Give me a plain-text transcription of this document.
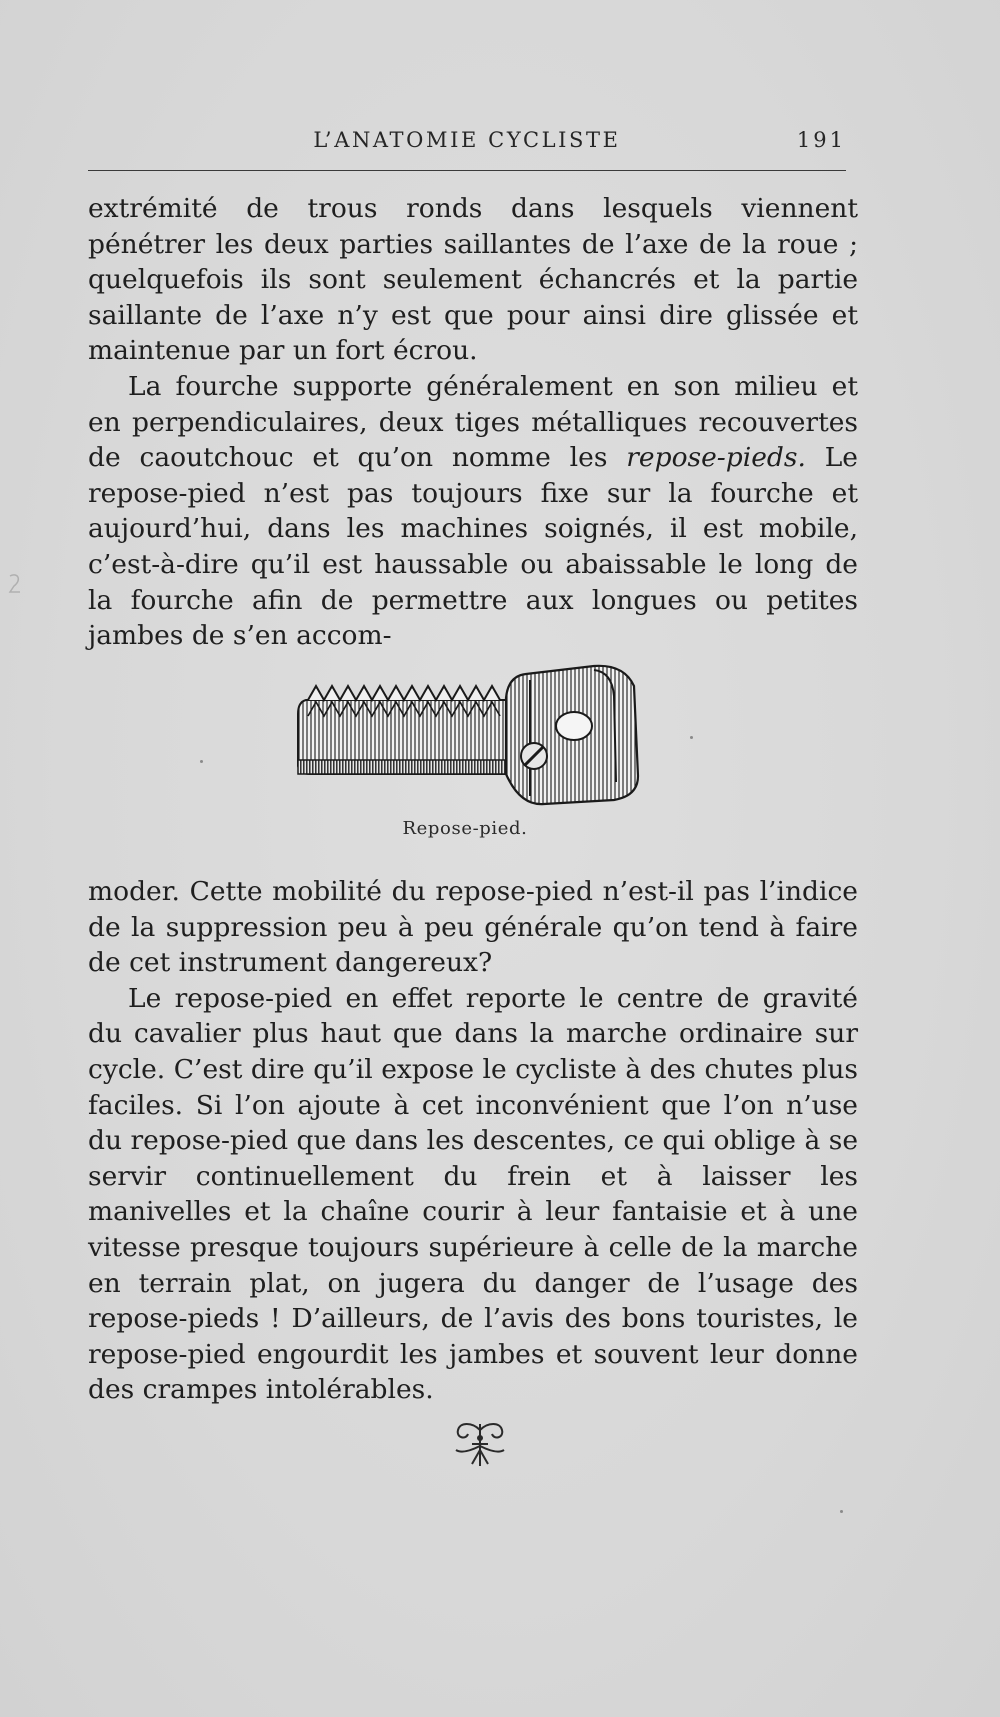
L’ANATOMIE CYCLISTE	191

extrémité de trous ronds dans lesquels viennent pénétrer les deux parties saillantes de l’axe de la roue ; quelquefois ils sont seulement échancrés et la partie saillante de l’axe n’y est que pour ainsi dire glissée et maintenue par un fort écrou.

La fourche supporte généralement en son milieu et en perpendiculaires, deux tiges métalliques recouvertes de caoutchouc et qu’on nomme les repose-pieds. Le repose-pied n’est pas toujours fixe sur la fourche et aujourd’hui, dans les machines soignés, il est mobile, c’est-à-dire qu’il est haussable ou abaissable le long de la fourche afin de permettre aux longues ou petites jambes de s’en accom-

Repose-pied.

moder. Cette mobilité du repose-pied n’est-il pas l’indice de la suppression peu à peu générale qu’on tend à faire de cet instrument dangereux?

Le repose-pied en effet reporte le centre de gravité du cavalier plus haut que dans la marche ordinaire sur cycle. C’est dire qu’il expose le cycliste à des chutes plus faciles. Si l’on ajoute à cet inconvénient que l’on n’use du repose-pied que dans les descentes, ce qui oblige à se servir continuellement du frein et à laisser les manivelles et la chaîne courir à leur fantaisie et à une vitesse presque toujours supérieure à celle de la marche en terrain plat, on jugera du danger de l’usage des repose-pieds ! D’ailleurs, de l’avis des bons touristes, le repose-pied engourdit les jambes et souvent leur donne des crampes intolérables.
